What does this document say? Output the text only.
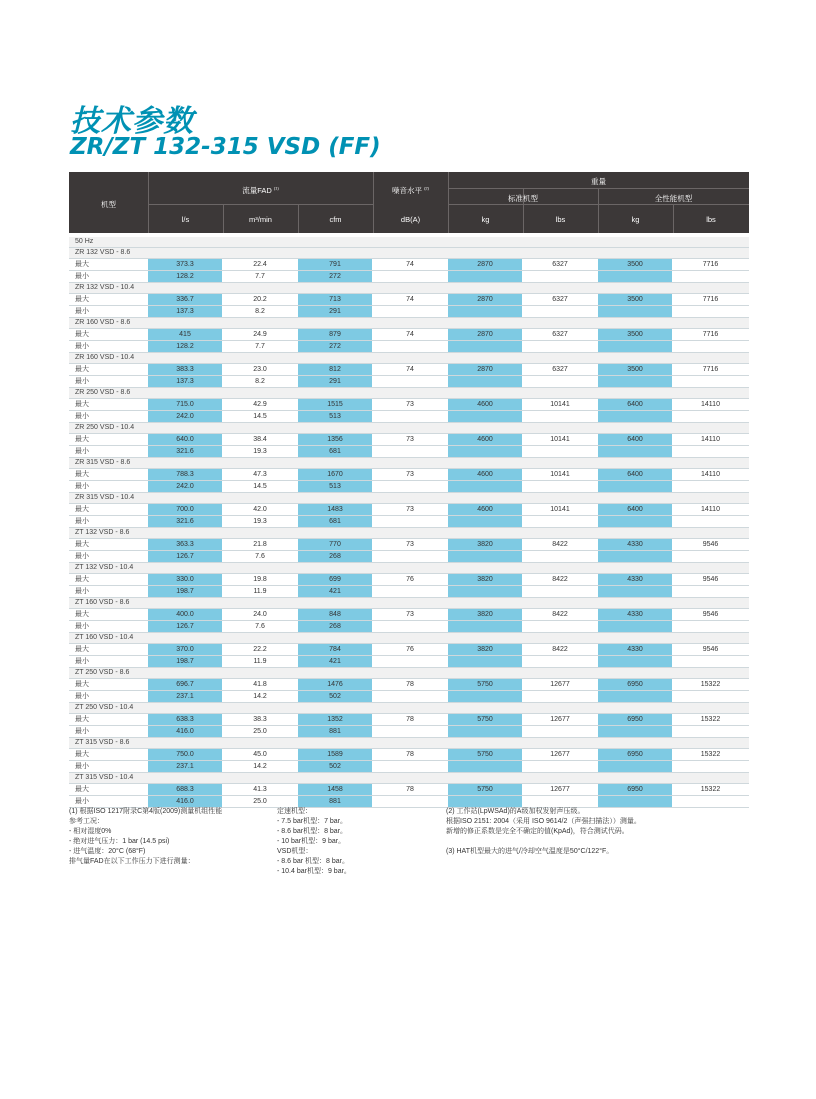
技术参数
ZR/ZT 132-315 VSD (FF)
机型
流量FAD $^{(1)}$	噪音水平 $^{(2)}$
重量
标准机型	全性能机型
l/s	m³/min	cfm	dB(A)	kg	lbs	kg	lbs
50 Hz
ZR 132 VSD - 8.6
最大	373.3	22.4	791	74	2870	6327	3500	7716
最小	128.2	7.7	272
ZR 132 VSD - 10.4
最大	336.7	20.2	713	74	2870	6327	3500	7716
最小	137.3	8.2	291
ZR 160 VSD - 8.6
最大	415	24.9	879	74	2870	6327	3500	7716
最小	128.2	7.7	272
ZR 160 VSD - 10.4
最大	383.3	23.0	812	74	2870	6327	3500	7716
最小	137.3	8.2	291
ZR 250 VSD - 8.6
最大	715.0	42.9	1515	73	4600	10141	6400	14110
最小	242.0	14.5	513
ZR 250 VSD - 10.4
最大	640.0	38.4	1356	73	4600	10141	6400	14110
最小	321.6	19.3	681
ZR 315 VSD - 8.6
最大	788.3	47.3	1670	73	4600	10141	6400	14110
最小	242.0	14.5	513
ZR 315 VSD - 10.4
最大	700.0	42.0	1483	73	4600	10141	6400	14110
最小	321.6	19.3	681
ZT 132 VSD - 8.6
最大	363.3	21.8	770	73	3820	8422	4330	9546
最小	126.7	7.6	268
ZT 132 VSD - 10.4
最大	330.0	19.8	699	76	3820	8422	4330	9546
最小	198.7	11.9	421
ZT 160 VSD - 8.6
最大	400.0	24.0	848	73	3820	8422	4330	9546
最小	126.7	7.6	268
ZT 160 VSD - 10.4
最大	370.0	22.2	784	76	3820	8422	4330	9546
最小	198.7	11.9	421
ZT 250 VSD - 8.6
最大	696.7	41.8	1476	78	5750	12677	6950	15322
最小	237.1	14.2	502
ZT 250 VSD - 10.4
最大	638.3	38.3	1352	78	5750	12677	6950	15322
最小	416.0	25.0	881
ZT 315 VSD - 8.6
最大	750.0	45.0	1589	78	5750	12677	6950	15322
最小	237.1	14.2	502
ZT 315 VSD - 10.4
最大	688.3	41.3	1458	78	5750	12677	6950	15322
最小	416.0	25.0	881
(1) 根据ISO 1217附录C第4版(2009)测量机组性能
参考工况：
- 相对湿度0%
- 绝对进气压力：1 bar (14.5 psi)
- 进气温度：20°C (68°F)
排气量FAD在以下工作压力下进行测量：
定速机型：
- 7.5 bar机型：7 bar。
- 8.6 bar机型：8 bar。
- 10 bar机型：9 bar。
VSD机型：
- 8.6 bar 机型：8 bar。
- 10.4 bar机型：9 bar。
(2) 工作站(LpWSAd)的A级加权发射声压级。
根据ISO 2151: 2004（采用 ISO 9614/2（声强扫描法））测量。
新增的修正系数是完全不确定的值(KpAd)，符合测试代码。
(3) HAT机型最大的进气/冷却空气温度是50°C/122°F。
